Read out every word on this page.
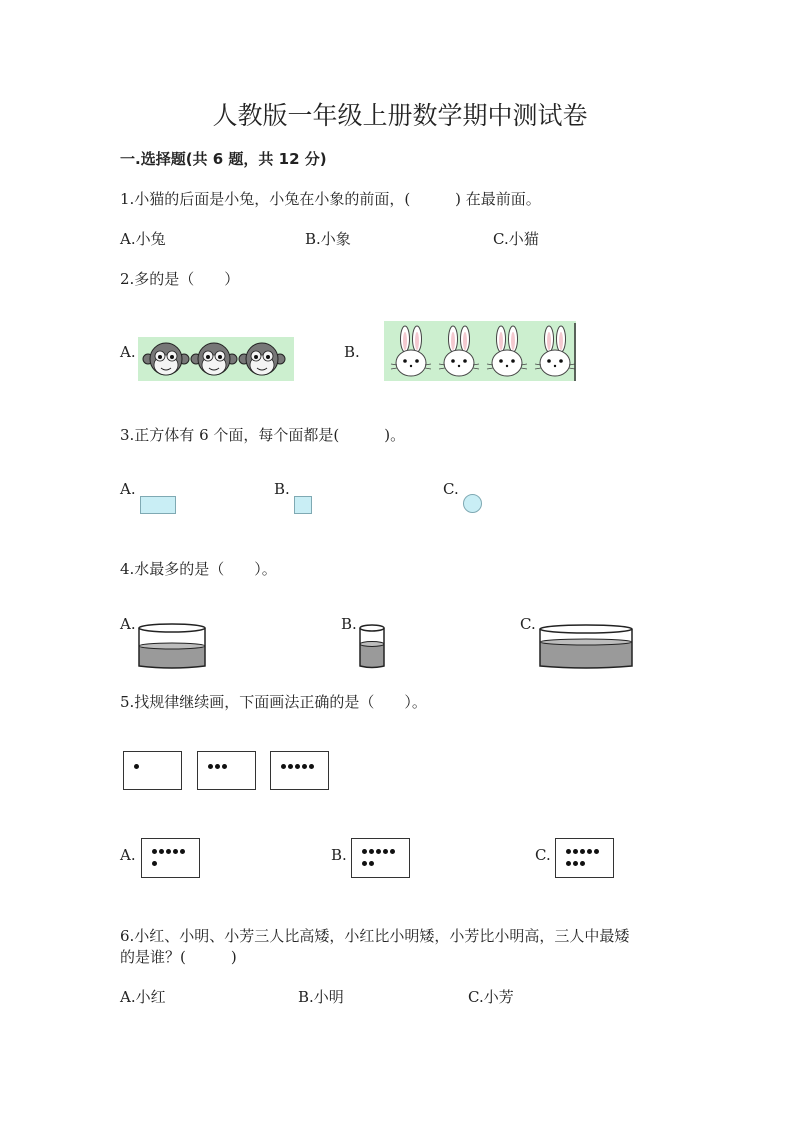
人教版一年级上册数学期中测试卷
一.选择题(共 6 题，共 12 分)
1.小猫的后面是小兔，小兔在小象的前面，(　　　) 在最前面。
A.小兔	B.小象	C.小猫
2.多的是（　　）
A.	B.
3.正方体有 6 个面，每个面都是(　　　)。
A.	B.	C.
4.水最多的是（　　）。
A.	B.	C.
5.找规律继续画，下面画法正确的是（　　）。
A.	B.	C.
6.小红、小明、小芳三人比高矮，小红比小明矮，小芳比小明高，三人中最矮
的是谁？(　　　)
A.小红	B.小明	C.小芳
